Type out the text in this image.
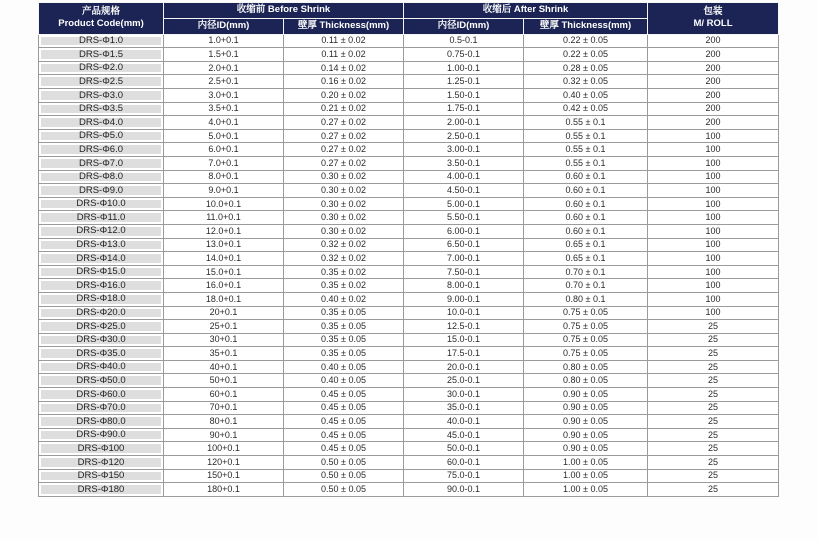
产品规格
Product Code(mm)	收缩前 Before Shrink		收缩后 After Shrink		包装
M/ ROLL

	内径ID(mm)	壁厚 Thickness(mm)	内径ID(mm)	壁厚 Thickness(mm)	
DRS-Φ1.0	1.0+0.1	0.11 ± 0.02	0.5-0.1	0.22 ± 0.05	200
DRS-Φ1.5	1.5+0.1	0.11 ± 0.02	0.75-0.1	0.22 ± 0.05	200
DRS-Φ2.0	2.0+0.1	0.14 ± 0.02	1.00-0.1	0.28 ± 0.05	200
DRS-Φ2.5	2.5+0.1	0.16 ± 0.02	1.25-0.1	0.32 ± 0.05	200
DRS-Φ3.0	3.0+0.1	0.20 ± 0.02	1.50-0.1	0.40 ± 0.05	200
DRS-Φ3.5	3.5+0.1	0.21 ± 0.02	1.75-0.1	0.42 ± 0.05	200
DRS-Φ4.0	4.0+0.1	0.27 ± 0.02	2.00-0.1	0.55 ± 0.1	200
DRS-Φ5.0	5.0+0.1	0.27 ± 0.02	2.50-0.1	0.55 ± 0.1	100
DRS-Φ6.0	6.0+0.1	0.27 ± 0.02	3.00-0.1	0.55 ± 0.1	100
DRS-Φ7.0	7.0+0.1	0.27 ± 0.02	3.50-0.1	0.55 ± 0.1	100
DRS-Φ8.0	8.0+0.1	0.30 ± 0.02	4.00-0.1	0.60 ± 0.1	100
DRS-Φ9.0	9.0+0.1	0.30 ± 0.02	4.50-0.1	0.60 ± 0.1	100
DRS-Φ10.0	10.0+0.1	0.30 ± 0.02	5.00-0.1	0.60 ± 0.1	100
DRS-Φ11.0	11.0+0.1	0.30 ± 0.02	5.50-0.1	0.60 ± 0.1	100
DRS-Φ12.0	12.0+0.1	0.30 ± 0.02	6.00-0.1	0.60 ± 0.1	100
DRS-Φ13.0	13.0+0.1	0.32 ± 0.02	6.50-0.1	0.65 ± 0.1	100
DRS-Φ14.0	14.0+0.1	0.32 ± 0.02	7.00-0.1	0.65 ± 0.1	100
DRS-Φ15.0	15.0+0.1	0.35 ± 0.02	7.50-0.1	0.70 ± 0.1	100
DRS-Φ16.0	16.0+0.1	0.35 ± 0.02	8.00-0.1	0.70 ± 0.1	100
DRS-Φ18.0	18.0+0.1	0.40 ± 0.02	9.00-0.1	0.80 ± 0.1	100
DRS-Φ20.0	20+0.1	0.35 ± 0.05	10.0-0.1	0.75 ± 0.05	100
DRS-Φ25.0	25+0.1	0.35 ± 0.05	12.5-0.1	0.75 ± 0.05	25
DRS-Φ30.0	30+0.1	0.35 ± 0.05	15.0-0.1	0.75 ± 0.05	25
DRS-Φ35.0	35+0.1	0.35 ± 0.05	17.5-0.1	0.75 ± 0.05	25
DRS-Φ40.0	40+0.1	0.40 ± 0.05	20.0-0.1	0.80 ± 0.05	25
DRS-Φ50.0	50+0.1	0.40 ± 0.05	25.0-0.1	0.80 ± 0.05	25
DRS-Φ60.0	60+0.1	0.45 ± 0.05	30.0-0.1	0.90 ± 0.05	25
DRS-Φ70.0	70+0.1	0.45 ± 0.05	35.0-0.1	0.90 ± 0.05	25
DRS-Φ80.0	80+0.1	0.45 ± 0.05	40.0-0.1	0.90 ± 0.05	25
DRS-Φ90.0	90+0.1	0.45 ± 0.05	45.0-0.1	0.90 ± 0.05	25
DRS-Φ100	100+0.1	0.45 ± 0.05	50.0-0.1	0.90 ± 0.05	25
DRS-Φ120	120+0.1	0.50 ± 0.05	60.0-0.1	1.00 ± 0.05	25
DRS-Φ150	150+0.1	0.50 ± 0.05	75.0-0.1	1.00 ± 0.05	25
DRS-Φ180	180+0.1	0.50 ± 0.05	90.0-0.1	1.00 ± 0.05	25
